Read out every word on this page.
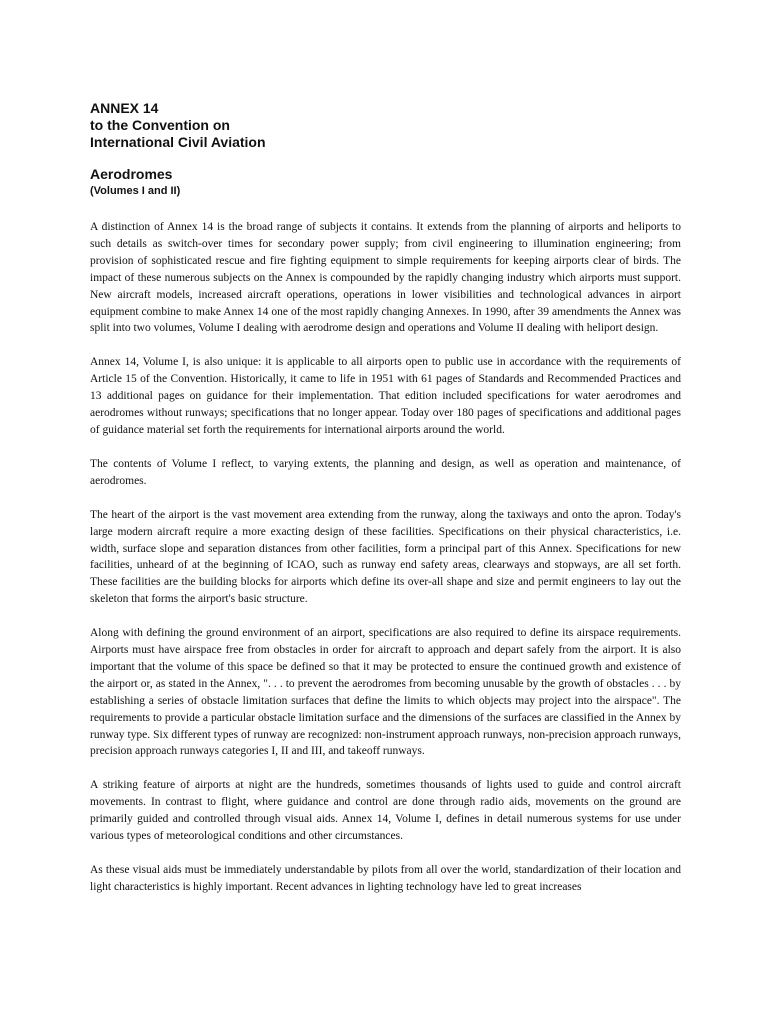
ANNEX 14
to the Convention on
International Civil Aviation
Aerodromes
(Volumes I and II)

A distinction of Annex 14 is the broad range of subjects it contains. It extends from the planning of airports and heliports to such details as switch-over times for secondary power supply; from civil engineering to illumination engineering; from provision of sophisticated rescue and fire fighting equipment to simple requirements for keeping airports clear of birds. The impact of these numerous subjects on the Annex is compounded by the rapidly changing industry which airports must support. New aircraft models, increased aircraft operations, operations in lower visibilities and technological advances in airport equipment combine to make Annex 14 one of the most rapidly changing Annexes. In 1990, after 39 amendments the Annex was split into two volumes, Volume I dealing with aerodrome design and operations and Volume II dealing with heliport design.

Annex 14, Volume I, is also unique: it is applicable to all airports open to public use in accordance with the requirements of Article 15 of the Convention. Historically, it came to life in 1951 with 61 pages of Standards and Recommended Practices and 13 additional pages on guidance for their implementation. That edition included specifications for water aerodromes and aerodromes without runways; specifications that no longer appear. Today over 180 pages of specifications and additional pages of guidance material set forth the requirements for international airports around the world.

The contents of Volume I reflect, to varying extents, the planning and design, as well as operation and maintenance, of aerodromes.

The heart of the airport is the vast movement area extending from the runway, along the taxiways and onto the apron. Today's large modern aircraft require a more exacting design of these facilities. Specifications on their physical characteristics, i.e. width, surface slope and separation distances from other facilities, form a principal part of this Annex. Specifications for new facilities, unheard of at the beginning of ICAO, such as runway end safety areas, clearways and stopways, are all set forth. These facilities are the building blocks for airports which define its over-all shape and size and permit engineers to lay out the skeleton that forms the airport's basic structure.

Along with defining the ground environment of an airport, specifications are also required to define its airspace requirements. Airports must have airspace free from obstacles in order for aircraft to approach and depart safely from the airport. It is also important that the volume of this space be defined so that it may be protected to ensure the continued growth and existence of the airport or, as stated in the Annex, ". . . to prevent the aerodromes from becoming unusable by the growth of obstacles . . . by establishing a series of obstacle limitation surfaces that define the limits to which objects may project into the airspace". The requirements to provide a particular obstacle limitation surface and the dimensions of the surfaces are classified in the Annex by runway type. Six different types of runway are recognized: non-instrument approach runways, non-precision approach runways, precision approach runways categories I, II and III, and takeoff runways.

A striking feature of airports at night are the hundreds, sometimes thousands of lights used to guide and control aircraft movements. In contrast to flight, where guidance and control are done through radio aids, movements on the ground are primarily guided and controlled through visual aids. Annex 14, Volume I, defines in detail numerous systems for use under various types of meteorological conditions and other circumstances.

As these visual aids must be immediately understandable by pilots from all over the world, standardization of their location and light characteristics is highly important. Recent advances in lighting technology have led to great increases
